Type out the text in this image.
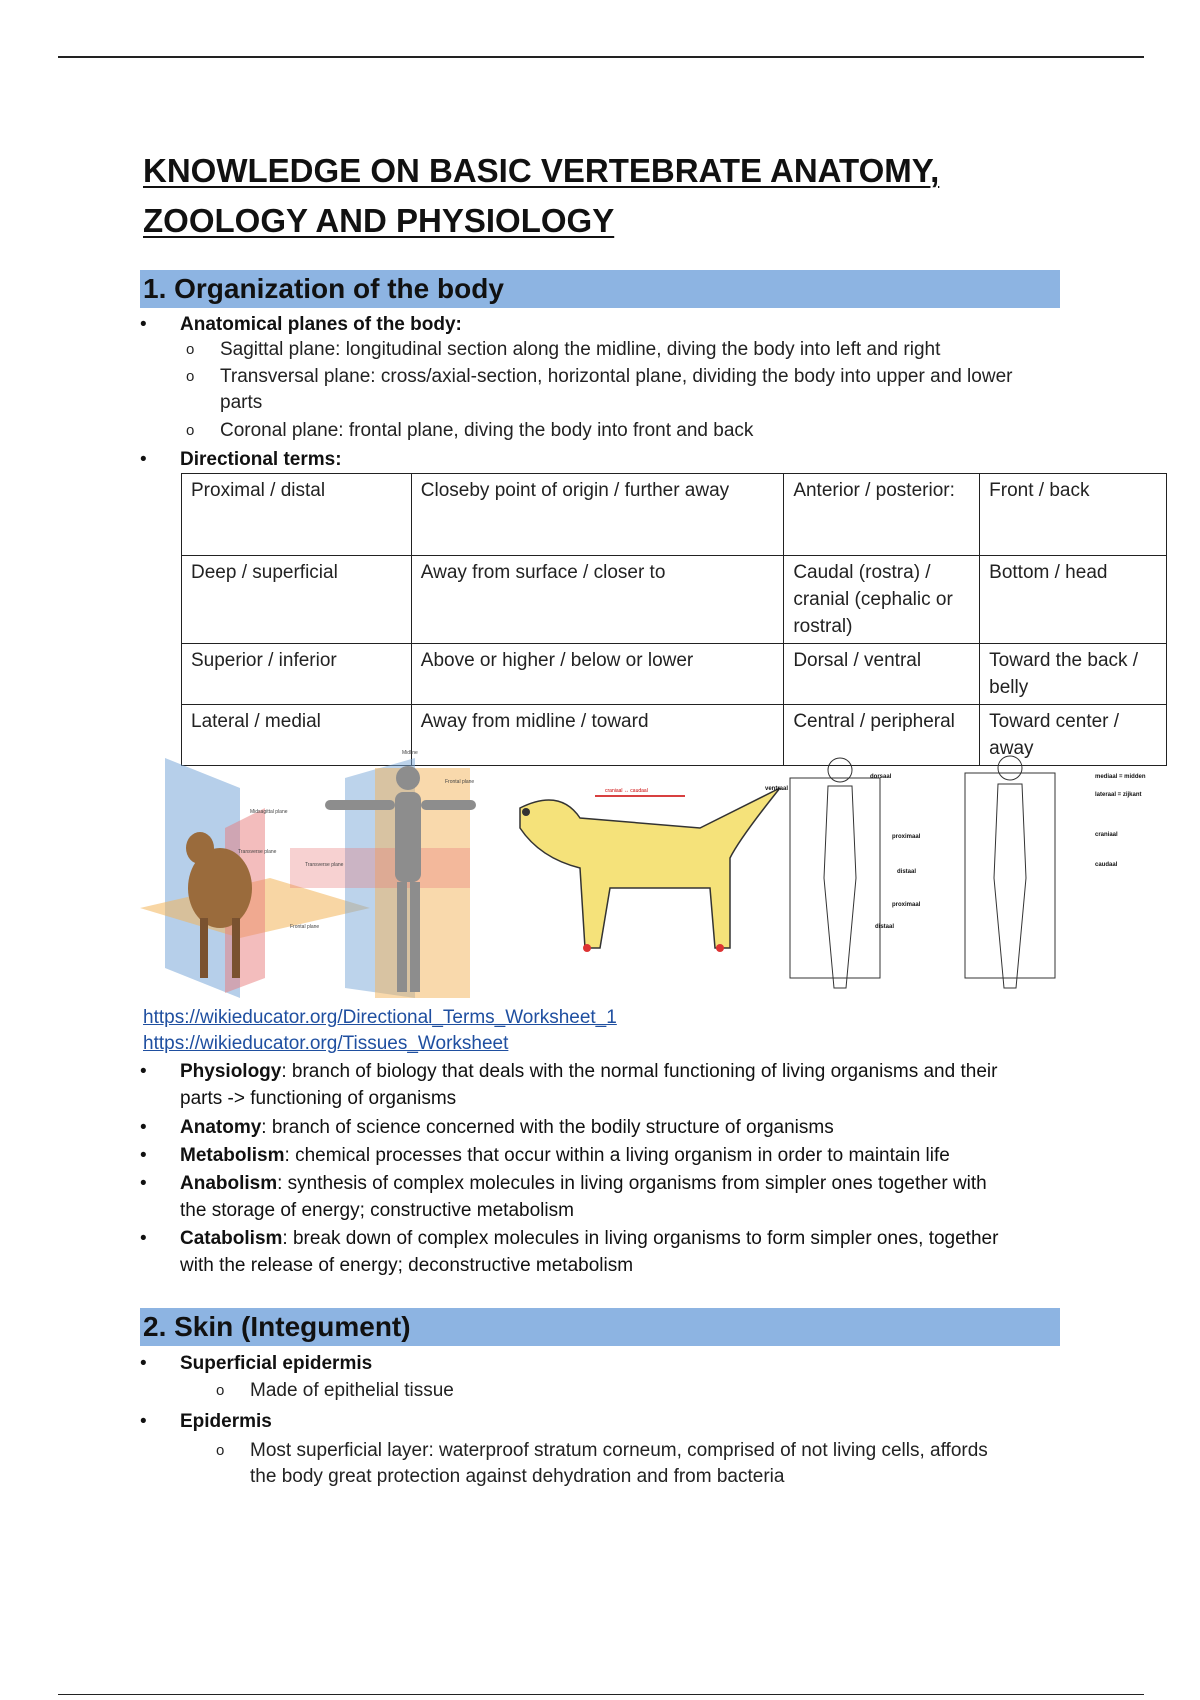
KNOWLEDGE ON BASIC VERTEBRATE ANATOMY,
ZOOLOGY AND PHYSIOLOGY
1. Organization of the body
• Anatomical planes of the body:
o Sagittal plane: longitudinal section along the midline, diving the body into left and right
o Transversal plane: cross/axial-section, horizontal plane, dividing the body into upper and lower parts
o Coronal plane: frontal plane, diving the body into front and back
• Directional terms:
Proximal / distal	Closeby point of origin / further away	Anterior / posterior:	Front / back
Deep / superficial	Away from surface / closer to	Caudal (rostra) / cranial (cephalic or rostral)	Bottom / head
Superior / inferior	Above or higher / below or lower	Dorsal / ventral	Toward the back / belly
Lateral / medial	Away from midline / toward	Central / peripheral	Toward center / away
Midsagittal plane
Transverse plane
Frontal plane
Midline
Transverse plane
Frontal plane
craniaal ↔ caudaal
dorsaal
ventraal
proximaal
distaal
proximaal
distaal
mediaal = midden
lateraal = zijkant
craniaal
caudaal
https://wikieducator.org/Directional_Terms_Worksheet_1
https://wikieducator.org/Tissues_Worksheet
• Physiology: branch of biology that deals with the normal functioning of living organisms and their
parts -> functioning of organisms
• Anatomy: branch of science concerned with the bodily structure of organisms
• Metabolism: chemical processes that occur within a living organism in order to maintain life
• Anabolism: synthesis of complex molecules in living organisms from simpler ones together with
the storage of energy; constructive metabolism
• Catabolism: break down of complex molecules in living organisms to form simpler ones, together
with the release of energy; deconstructive metabolism
2. Skin (Integument)
• Superficial epidermis
o Made of epithelial tissue
• Epidermis
o Most superficial layer: waterproof stratum corneum, comprised of not living cells, affords
the body great protection against dehydration and from bacteria
